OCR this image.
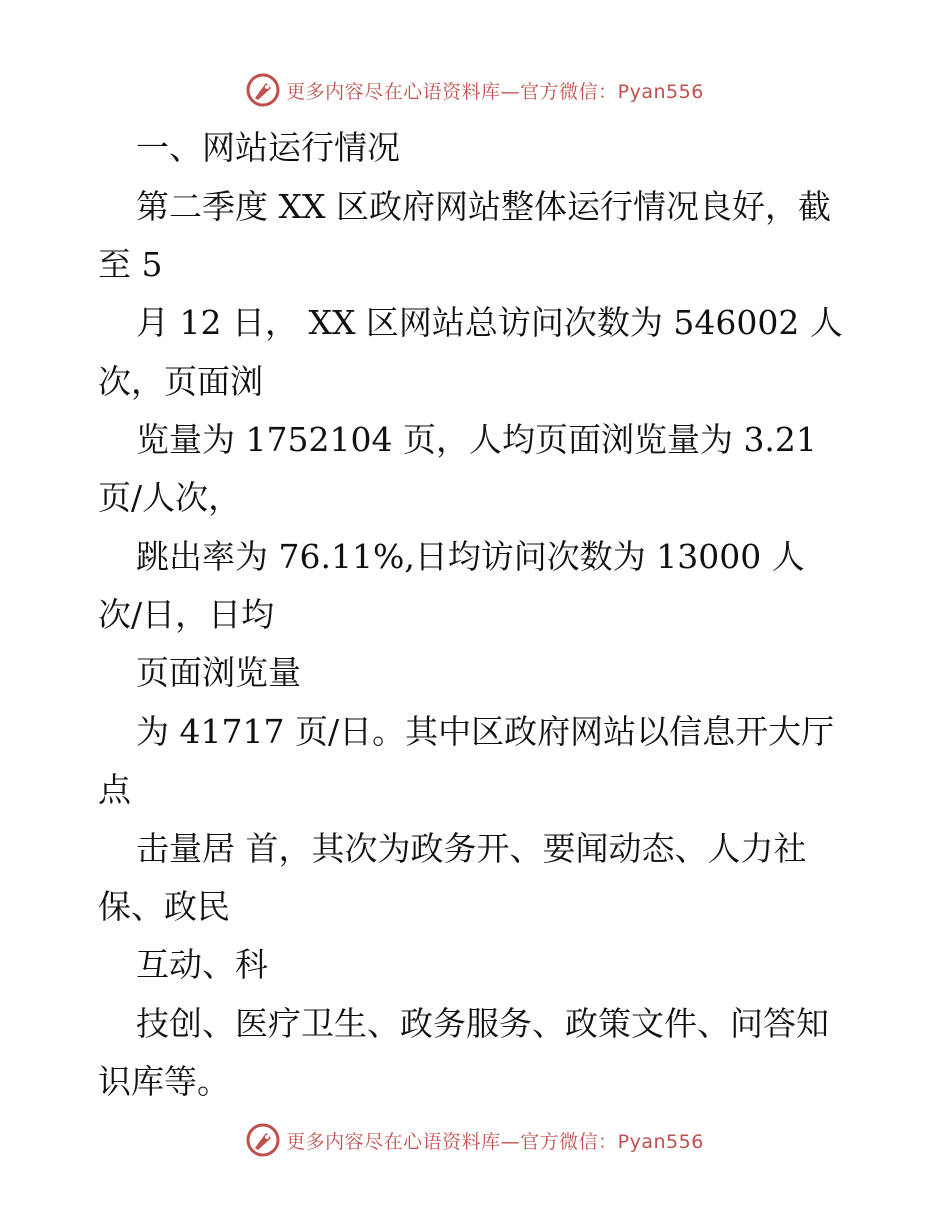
更多内容尽在心语资料库—官方微信：Pyan556
一、网站运行情况
第二季度 XX 区政府网站整体运行情况良好，截
至 5
月 12 日， XX 区网站总访问次数为 546002 人
次，页面浏
览量为 1752104 页，人均页面浏览量为 3.21
页/人次，
跳出率为 76.11%,日均访问次数为 13000 人
次/日，日均
页面浏览量
为 41717 页/日。其中区政府网站以信息开大厅
点
击量居 首，其次为政务开、要闻动态、人力社
保、政民
互动、科
技创、医疗卫生、政务服务、政策文件、问答知
识库等。
更多内容尽在心语资料库—官方微信：Pyan556
